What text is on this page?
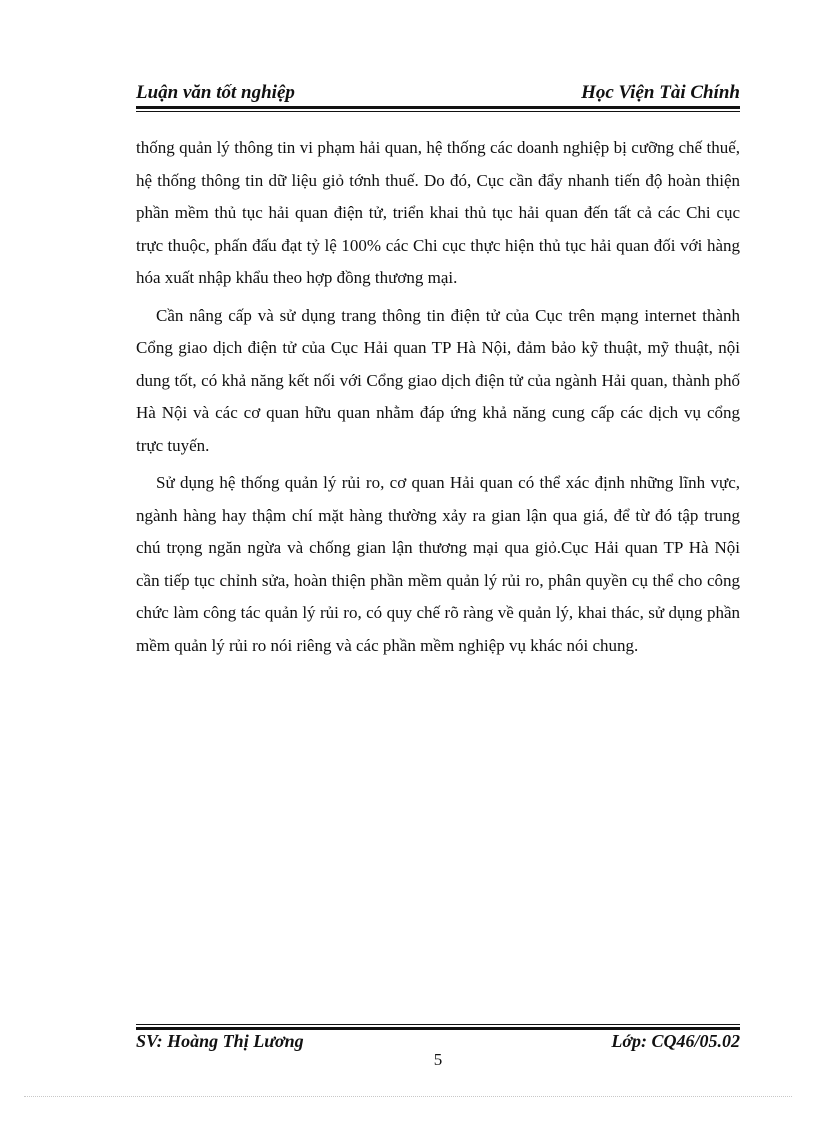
Luận văn tốt nghiệp	Học Viện Tài Chính

thống quản lý thông tin vi phạm hải quan, hệ thống các doanh nghiệp bị cưỡng chế thuế, hệ thống thông tin dữ liệu giỏ tớnh thuế. Do đó, Cục cần đẩy nhanh tiến độ hoàn thiện phần mềm thủ tục hải quan điện tử, triển khai thủ tục hải quan đến tất cả các Chi cục trực thuộc, phấn đấu đạt tỷ lệ 100% các Chi cục thực hiện thủ tục hải quan đối với hàng hóa xuất nhập khẩu theo hợp đồng thương mại.

Cần nâng cấp và sử dụng trang thông tin điện tử của Cục trên mạng internet thành Cổng giao dịch điện tử của Cục Hải quan TP Hà Nội, đảm bảo kỹ thuật, mỹ thuật, nội dung tốt, có khả năng kết nối với Cổng giao dịch điện tử của ngành Hải quan, thành phố Hà Nội và các cơ quan hữu quan nhằm đáp ứng khả năng cung cấp các dịch vụ cổng trực tuyến.

Sử dụng hệ thống quản lý rủi ro, cơ quan Hải quan có thể xác định những lĩnh vực, ngành hàng hay thậm chí mặt hàng thường xảy ra gian lận qua giá, để từ đó tập trung chú trọng ngăn ngừa và chống gian lận thương mại qua giỏ.Cục Hải quan TP Hà Nội cần tiếp tục chỉnh sửa, hoàn thiện phần mềm quản lý rủi ro, phân quyền cụ thể cho công chức làm công tác quản lý rủi ro, có quy chế rõ ràng về quản lý, khai thác, sử dụng phần mềm quản lý rủi ro nói riêng và các phần mềm nghiệp vụ khác nói chung.

SV: Hoàng Thị Lương	Lớp: CQ46/05.02
5
